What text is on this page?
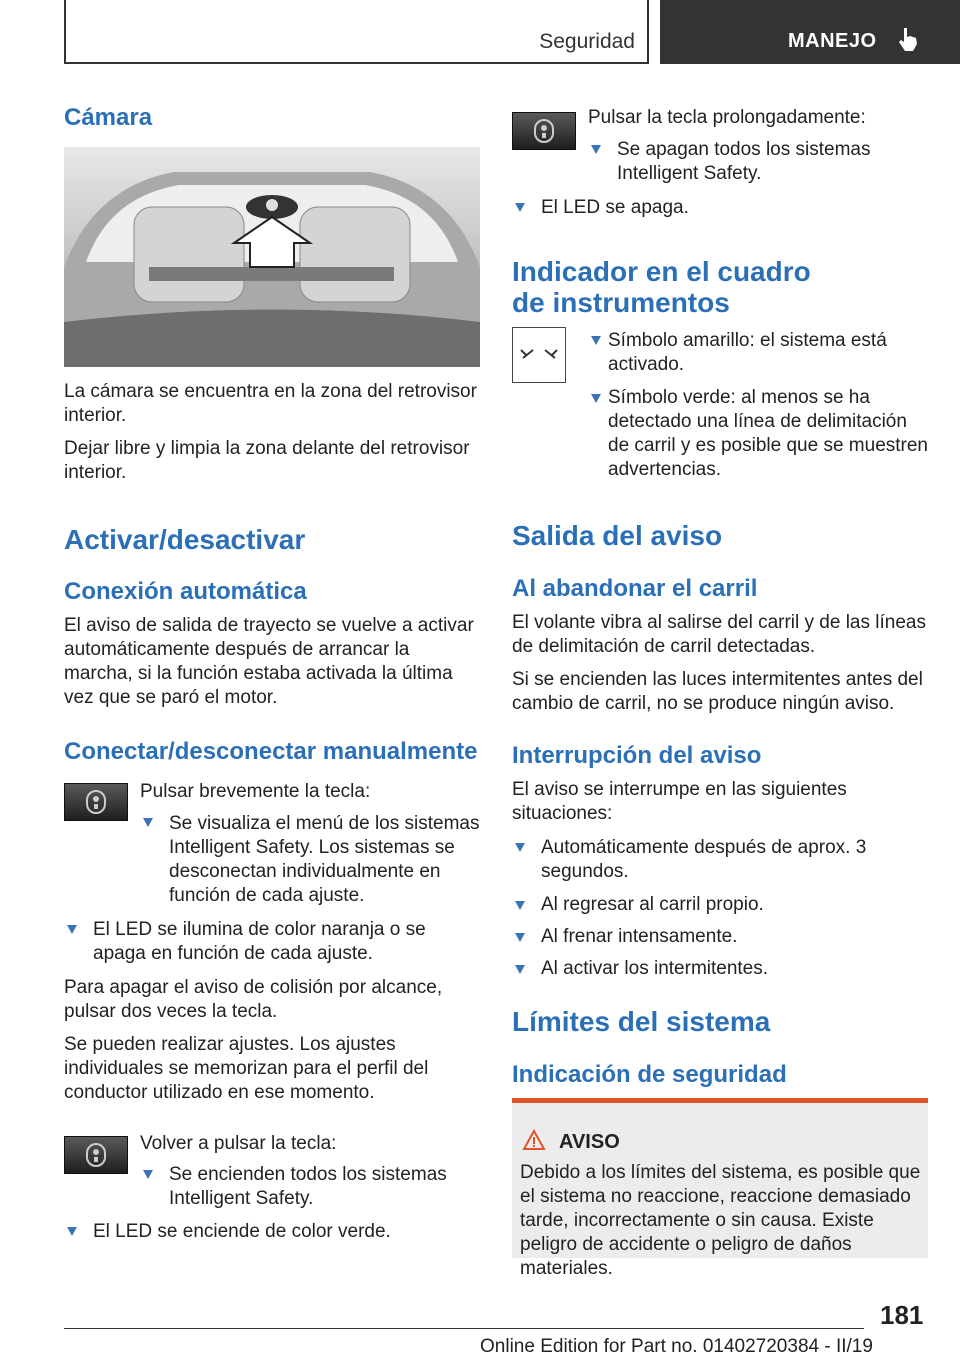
Seguridad	MANEJO
Cámara

La cámara se encuentra en la zona del retrovisor interior.

Dejar libre y limpia la zona delante del retrovisor interior.

Activar/desactivar
Conexión automática

El aviso de salida de trayecto se vuelve a activar automáticamente después de arrancar la marcha, si la función estaba activada la última vez que se paró el motor.

Conectar/desconectar manualmente

Pulsar brevemente la tecla:

Se visualiza el menú de los sistemas Intelligent Safety. Los sistemas se desconectan individualmente en función de cada ajuste.
El LED se ilumina de color naranja o se apaga en función de cada ajuste.

Para apagar el aviso de colisión por alcance, pulsar dos veces la tecla.

Se pueden realizar ajustes. Los ajustes individuales se memorizan para el perfil del conductor utilizado en ese momento.

Volver a pulsar la tecla:

Se encienden todos los sistemas Intelligent Safety.
El LED se enciende de color verde.

Pulsar la tecla prolongadamente:

Se apagan todos los sistemas Intelligent Safety.
El LED se apaga.
Indicador en el cuadro
de instrumentos
Símbolo amarillo: el sistema está activado.
Símbolo verde: al menos se ha detectado una línea de delimitación de carril y es posible que se muestren advertencias.
Salida del aviso
Al abandonar el carril

El volante vibra al salirse del carril y de las líneas de delimitación de carril detectadas.

Si se encienden las luces intermitentes antes del cambio de carril, no se produce ningún aviso.

Interrupción del aviso

El aviso se interrumpe en las siguientes situaciones:

Automáticamente después de aprox. 3 segundos.
Al regresar al carril propio.
Al frenar intensamente.
Al activar los intermitentes.
Límites del sistema
Indicación de seguridad
AVISO

Debido a los límites del sistema, es posible que el sistema no reaccione, reaccione demasiado tarde, incorrectamente o sin causa. Existe peligro de accidente o peligro de daños materiales.

181
Online Edition for Part no. 01402720384 - II/19
